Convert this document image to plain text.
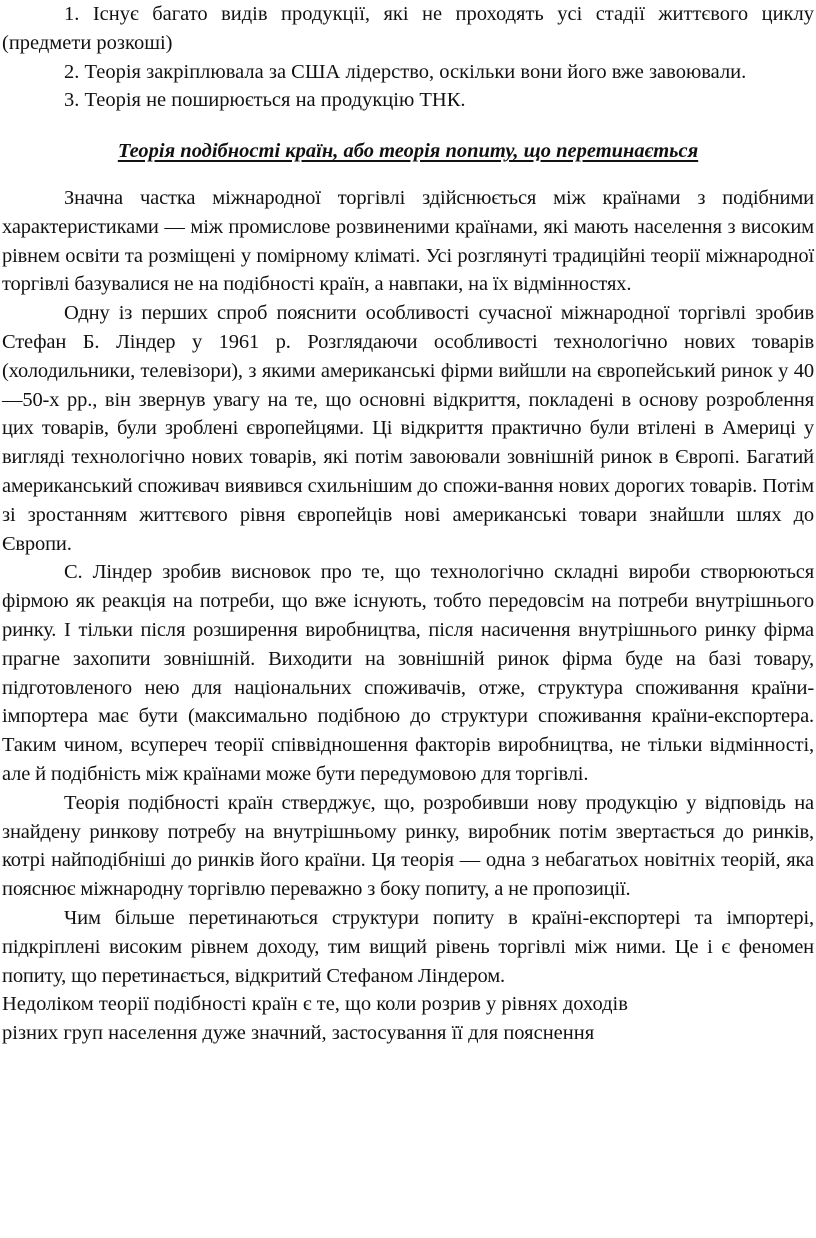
1. Існує багато видів продукції, які не проходять усі стадії життєвого циклу (предмети розкоші)

2. Теорія закріплювала за США лідерство, оскільки вони його вже завоювали.

3. Теорія не поширюється на продукцію ТНК.

Теорія подібності країн, або теорія попиту, що перетинається

Значна частка міжнародної торгівлі здійснюється між країнами з подібними характеристиками — між промислове розвиненими країнами, які мають населення з високим рівнем освіти та розміщені у помірному кліматі. Усі розглянуті традиційні теорії міжнародної торгівлі базувалися не на подібності країн, а навпаки, на їх відмінностях.

Одну із перших спроб пояснити особливості сучасної міжнародної торгівлі зробив Стефан Б. Ліндер у 1961 р. Розглядаючи особливості технологічно нових товарів (холодильники, телевізори), з якими американські фірми вийшли на європейський ринок у 40—50-х рр., він звернув увагу на те, що основні відкриття, покладені в основу розроблення цих товарів, були зроблені європейцями. Ці відкриття практично були втілені в Америці у вигляді технологічно нових товарів, які потім завоювали зовнішній ринок в Європі. Багатий американський споживач виявився схильнішим до спожи-вання нових дорогих товарів. Потім зі зростанням життєвого рівня європейців нові американські товари знайшли шлях до Європи.

С. Ліндер зробив висновок про те, що технологічно складні вироби створюються фірмою як реакція на потреби, що вже існують, тобто передовсім на потреби внутрішнього ринку. І тільки після розширення виробництва, після насичення внутрішнього ринку фірма прагне захопити зовнішній. Виходити на зовнішній ринок фірма буде на базі товару, підготовленого нею для національних споживачів, отже, структура споживання країни-імпортера має бути (максимально подібною до структури споживання країни-експортера. Таким чином, всупереч теорії співвідношення факторів виробництва, не тільки відмінності, але й подібність між країнами може бути передумовою для торгівлі.

Теорія подібності країн стверджує, що, розробивши нову продукцію у відповідь на знайдену ринкову потребу на внутрішньому ринку, виробник потім звертається до ринків, котрі найподібніші до ринків його країни. Ця теорія — одна з небагатьох новітніх теорій, яка пояснює міжнародну торгівлю переважно з боку попиту, а не пропозиції.

Чим більше перетинаються структури попиту в країні-експортері та імпортері, підкріплені високим рівнем доходу, тим вищий рівень торгівлі між ними. Це і є феномен попиту, що перетинається, відкритий Стефаном Ліндером.

Недоліком теорії подібності країн є те, що коли розрив у рівнях доходів

різних груп населення дуже значний, застосування її для пояснення
